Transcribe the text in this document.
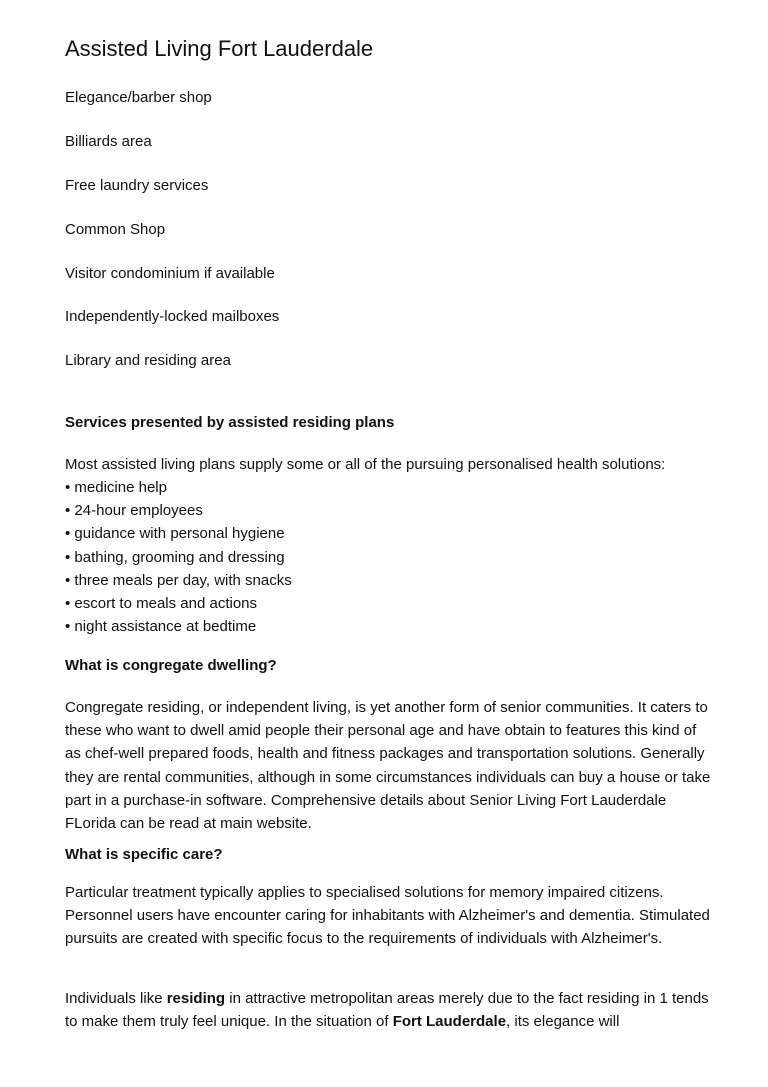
Assisted Living Fort Lauderdale

Elegance/barber shop

Billiards area

Free laundry services

Common Shop

Visitor condominium if available

Independently-locked mailboxes

Library and residing area

Services presented by assisted residing plans

Most assisted living plans supply some or all of the pursuing personalised health solutions:

• medicine help
• 24-hour employees
• guidance with personal hygiene
• bathing, grooming and dressing
• three meals per day, with snacks
• escort to meals and actions
• night assistance at bedtime

What is congregate dwelling?

Congregate residing, or independent living, is yet another form of senior communities. It caters to these who want to dwell amid people their personal age and have obtain to features this kind of as chef-well prepared foods, health and fitness packages and transportation solutions. Generally they are rental communities, although in some circumstances individuals can buy a house or take part in a purchase-in software. Comprehensive details about Senior Living Fort Lauderdale FLorida can be read at main website.

What is specific care?

Particular treatment typically applies to specialised solutions for memory impaired citizens. Personnel users have encounter caring for inhabitants with Alzheimer's and dementia. Stimulated pursuits are created with specific focus to the requirements of individuals with Alzheimer's.

Individuals like residing in attractive metropolitan areas merely due to the fact residing in 1 tends to make them truly feel unique. In the situation of Fort Lauderdale, its elegance will
